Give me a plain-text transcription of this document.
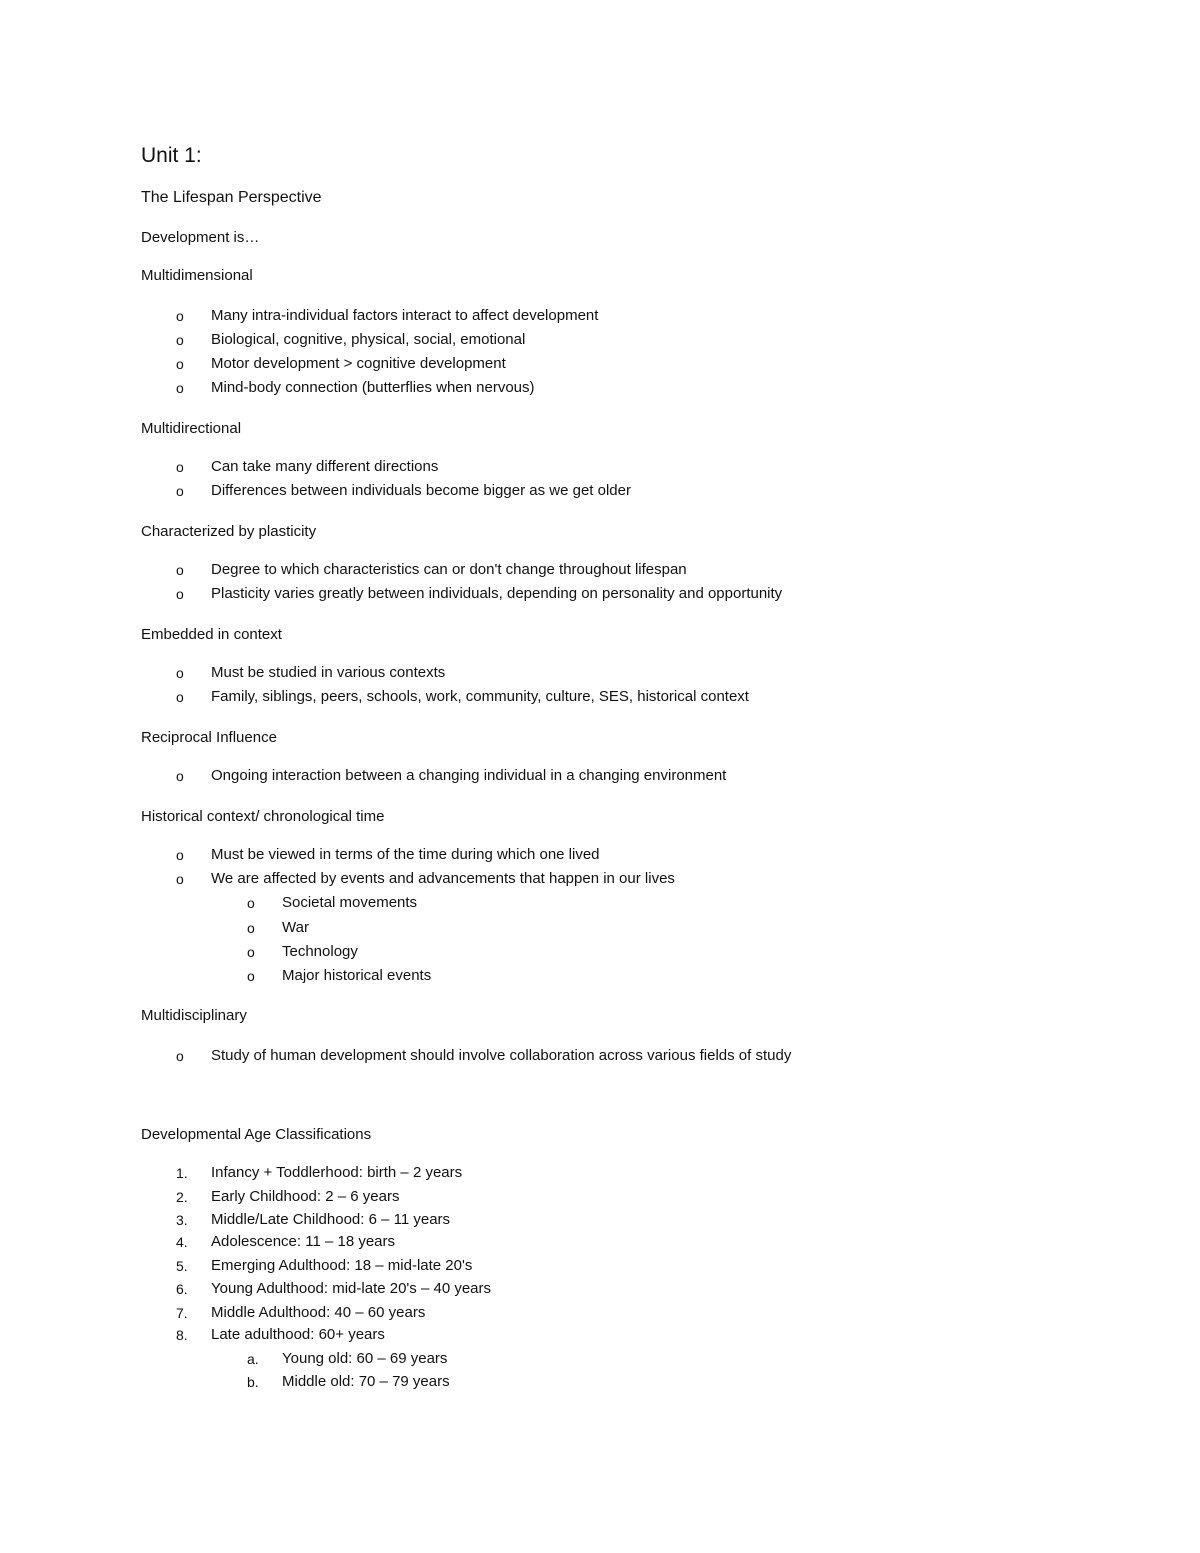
Unit 1:
The Lifespan Perspective
Development is…
Multidimensional
o Many intra-individual factors interact to affect development
o Biological, cognitive, physical, social, emotional
o Motor development > cognitive development
o Mind-body connection (butterflies when nervous)
Multidirectional
o Can take many different directions
o Differences between individuals become bigger as we get older
Characterized by plasticity
o Degree to which characteristics can or don't change throughout lifespan
o Plasticity varies greatly between individuals, depending on personality and opportunity
Embedded in context
o Must be studied in various contexts
o Family, siblings, peers, schools, work, community, culture, SES, historical context
Reciprocal Influence
o Ongoing interaction between a changing individual in a changing environment
Historical context/ chronological time
o Must be viewed in terms of the time during which one lived
o We are affected by events and advancements that happen in our lives
o Societal movements
o War
o Technology
o Major historical events
Multidisciplinary
o Study of human development should involve collaboration across various fields of study
Developmental Age Classifications
1. Infancy + Toddlerhood: birth – 2 years
2. Early Childhood: 2 – 6 years
3. Middle/Late Childhood: 6 – 11 years
4. Adolescence: 11 – 18 years
5. Emerging Adulthood: 18 – mid-late 20's
6. Young Adulthood: mid-late 20's – 40 years
7. Middle Adulthood: 40 – 60 years
8. Late adulthood: 60+ years
a. Young old: 60 – 69 years
b. Middle old: 70 – 79 years
